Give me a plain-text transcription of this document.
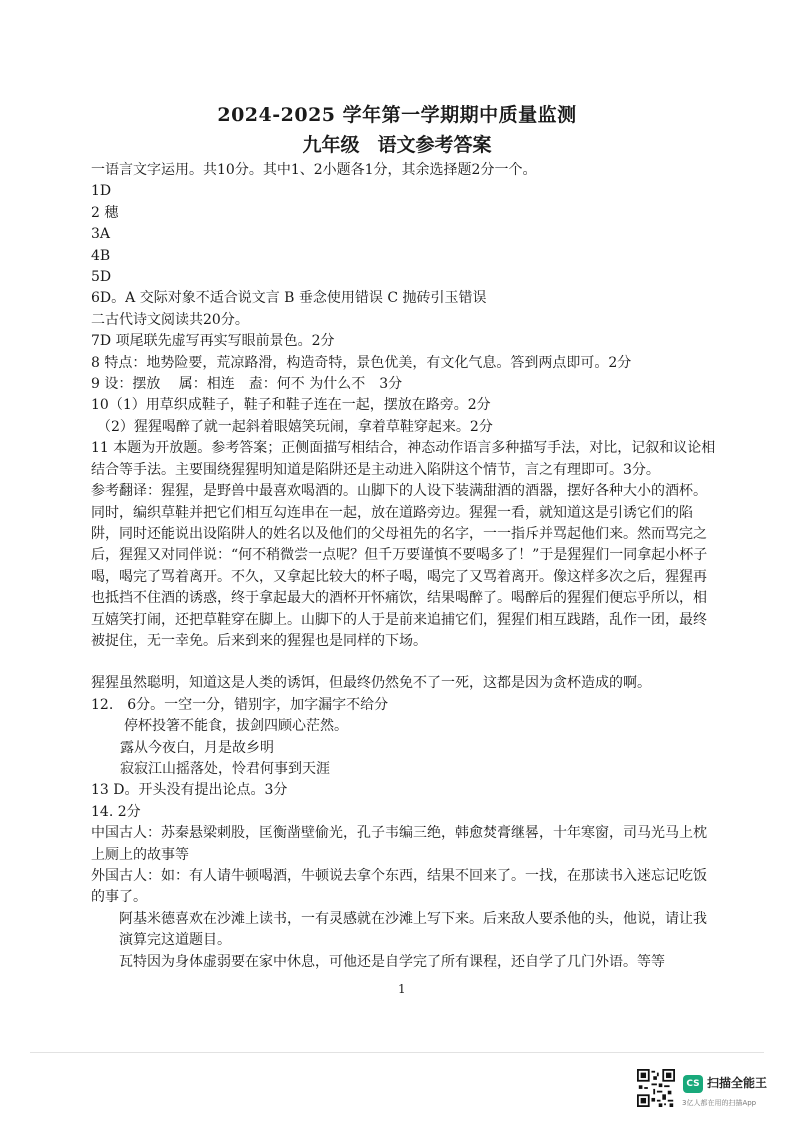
2024-2025 学年第一学期期中质量监测
九年级 语文参考答案

一语言文字运用。共10分。其中1、2小题各1分，其余选择题2分一个。

1D

2 穗

3A

4B

5D

6D。A 交际对象不适合说文言 B 垂念使用错误 C 抛砖引玉错误

二古代诗文阅读共20分。

7D 项尾联先虚写再实写眼前景色。2分

8 特点：地势险要，荒凉路滑，构造奇特，景色优美，有文化气息。答到两点即可。2分

9 设：摆放　 属：相连　盍：何不 为什么不　3分

10（1）用草织成鞋子，鞋子和鞋子连在一起，摆放在路旁。2分

（2）猩猩喝醉了就一起斜着眼嬉笑玩闹，拿着草鞋穿起来。2分

11 本题为开放题。参考答案；正侧面描写相结合，神态动作语言多种描写手法，对比，记叙和议论相结合等手法。主要围绕猩猩明知道是陷阱还是主动进入陷阱这个情节，言之有理即可。3分。

参考翻译：猩猩，是野兽中最喜欢喝酒的。山脚下的人设下装满甜酒的酒器，摆好各种大小的酒杯。同时，编织草鞋并把它们相互勾连串在一起，放在道路旁边。猩猩一看，就知道这是引诱它们的陷阱，同时还能说出设陷阱人的姓名以及他们的父母祖先的名字，一一指斥并骂起他们来。然而骂完之后，猩猩又对同伴说：“何不稍微尝一点呢？但千万要谨慎不要喝多了！”于是猩猩们一同拿起小杯子喝，喝完了骂着离开。不久，又拿起比较大的杯子喝，喝完了又骂着离开。像这样多次之后，猩猩再也抵挡不住酒的诱惑，终于拿起最大的酒杯开怀痛饮，结果喝醉了。喝醉后的猩猩们便忘乎所以，相互嬉笑打闹，还把草鞋穿在脚上。山脚下的人于是前来追捕它们，猩猩们相互践踏，乱作一团，最终被捉住，无一幸免。后来到来的猩猩也是同样的下场。

猩猩虽然聪明，知道这是人类的诱饵，但最终仍然免不了一死，这都是因为贪杯造成的啊。

12.　6分。一空一分，错别字，加字漏字不给分

停杯投箸不能食，拔剑四顾心茫然。

露从今夜白，月是故乡明

寂寂江山摇落处，怜君何事到天涯

13 D。开头没有提出论点。3分

14. 2分

中国古人：苏秦悬梁刺股，匡衡凿壁偷光，孔子韦编三绝，韩愈焚膏继晷，十年寒窗，司马光马上枕上厕上的故事等

外国古人：如：有人请牛顿喝酒，牛顿说去拿个东西，结果不回来了。一找，在那读书入迷忘记吃饭的事了。

阿基米德喜欢在沙滩上读书，一有灵感就在沙滩上写下来。后来敌人要杀他的头，他说，请让我演算完这道题目。

瓦特因为身体虚弱要在家中休息，可他还是自学完了所有课程，还自学了几门外语。等等

1
CS 扫描全能王
3亿人都在用的扫描App
